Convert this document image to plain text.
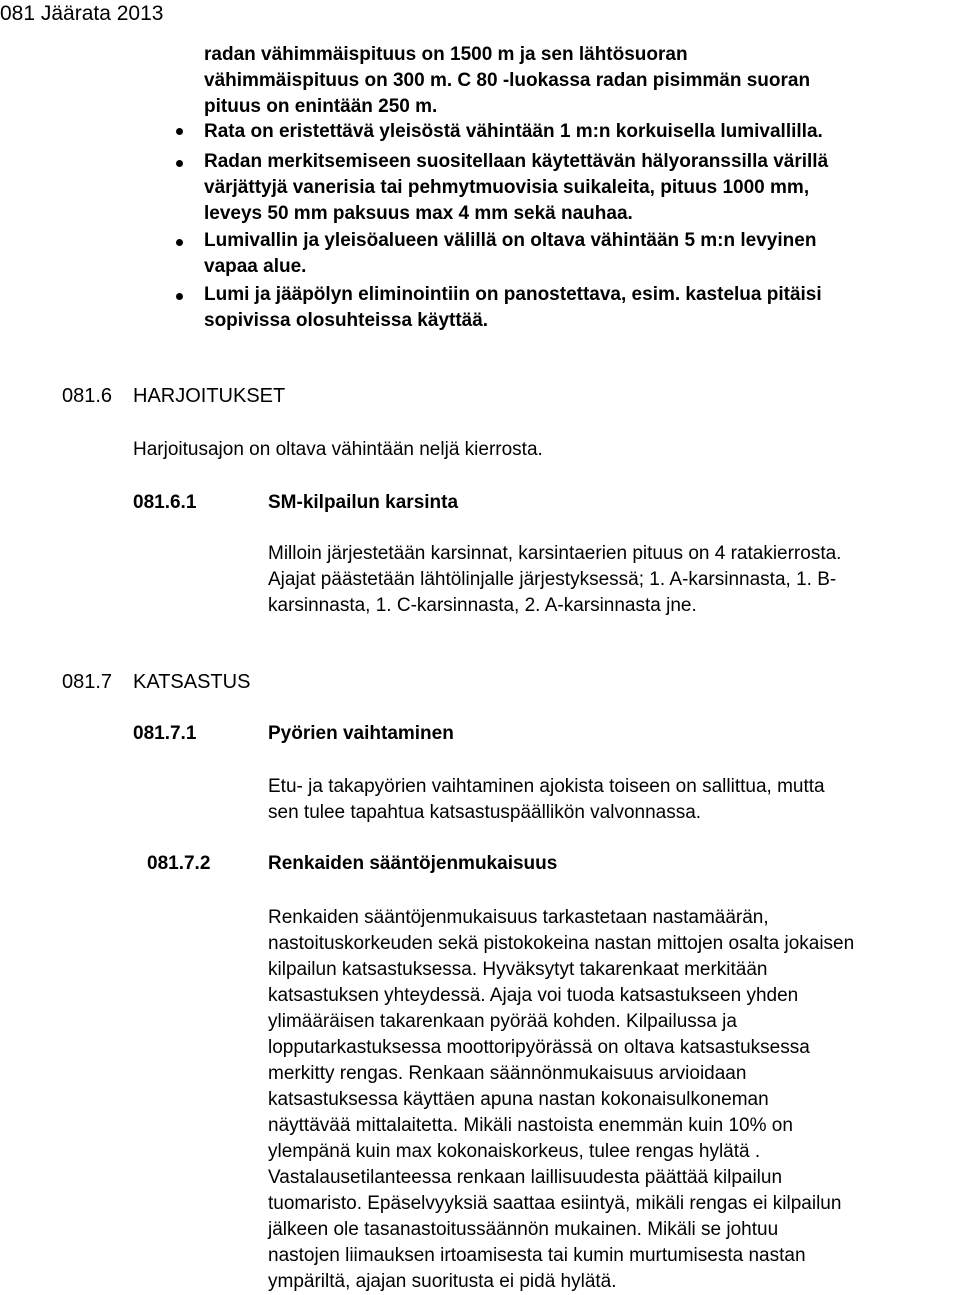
081 Jäärata 2013
radan vähimmäispituus on 1500 m ja sen lähtösuoran
vähimmäispituus on 300 m. C 80 -luokassa radan pisimmän suoran
pituus on enintään 250 m.
Rata on eristettävä yleisöstä vähintään 1 m:n korkuisella lumivallilla.
Radan merkitsemiseen suositellaan käytettävän hälyoranssilla värillä
värjättyjä vanerisia tai pehmytmuovisia suikaleita, pituus 1000 mm,
leveys 50 mm paksuus max 4 mm sekä nauhaa.
Lumivallin ja yleisöalueen välillä on oltava vähintään 5 m:n levyinen
vapaa alue.
Lumi ja jääpölyn eliminointiin on panostettava, esim. kastelua pitäisi
sopivissa olosuhteissa käyttää.
081.6 HARJOITUKSET
Harjoitusajon on oltava vähintään neljä kierrosta.
081.6.1	SM-kilpailun karsinta
Milloin järjestetään karsinnat, karsintaerien pituus on 4 ratakierrosta.
Ajajat päästetään lähtölinjalle järjestyksessä; 1. A-karsinnasta, 1. B-
karsinnasta, 1. C-karsinnasta, 2. A-karsinnasta jne.
081.7 KATSASTUS
081.7.1	Pyörien vaihtaminen
Etu- ja takapyörien vaihtaminen ajokista toiseen on sallittua, mutta
sen tulee tapahtua katsastuspäällikön valvonnassa.
081.7.2	Renkaiden sääntöjenmukaisuus
Renkaiden sääntöjenmukaisuus tarkastetaan nastamäärän,
nastoituskorkeuden sekä pistokokeina nastan mittojen osalta jokaisen
kilpailun katsastuksessa. Hyväksytyt takarenkaat merkitään
katsastuksen yhteydessä. Ajaja voi tuoda katsastukseen yhden
ylimääräisen takarenkaan pyörää kohden. Kilpailussa ja
lopputarkastuksessa moottoripyörässä on oltava katsastuksessa
merkitty rengas. Renkaan säännönmukaisuus arvioidaan
katsastuksessa käyttäen apuna nastan kokonaisulkoneman
näyttävää mittalaitetta. Mikäli nastoista enemmän kuin 10% on
ylempänä kuin max kokonaiskorkeus, tulee rengas hylätä .
Vastalausetilanteessa renkaan laillisuudesta päättää kilpailun
tuomaristo. Epäselvyyksiä saattaa esiintyä, mikäli rengas ei kilpailun
jälkeen ole tasanastoitussäännön mukainen. Mikäli se johtuu
nastojen liimauksen irtoamisesta tai kumin murtumisesta nastan
ympäriltä, ajajan suoritusta ei pidä hylätä.
